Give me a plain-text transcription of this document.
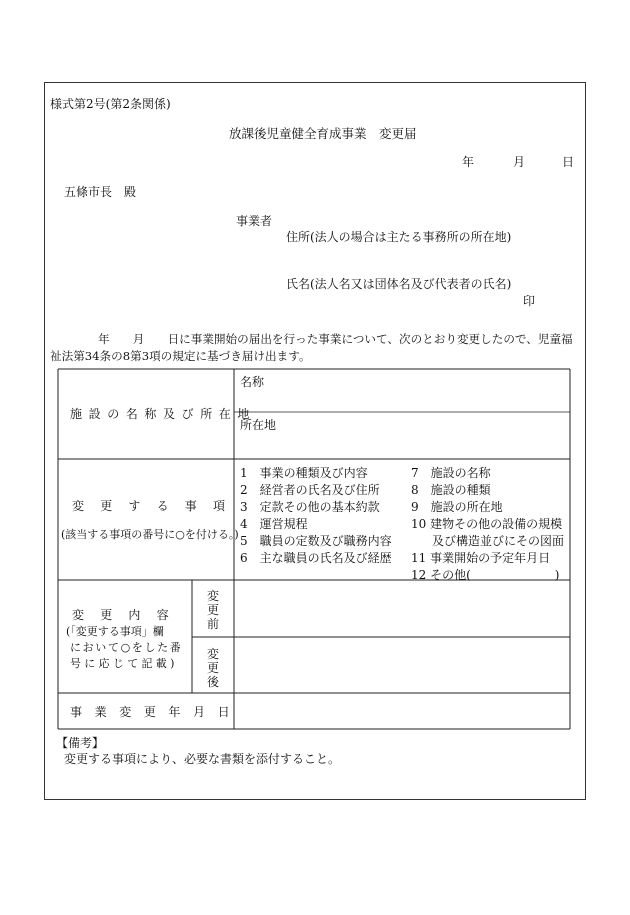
様式第2号(第2条関係)
放課後児童健全育成事業　変更届
年	月	日
五條市長　殿
事業者
住所(法人の場合は主たる事務所の所在地)
氏名(法人名又は団体名及び代表者の氏名)
印
年　　月　　日に事業開始の届出を行った事業について、次のとおり変更したので、児童福
祉法第34条の8第3項の規定に基づき届け出ます。
施設の名称及び所在地
名称
所在地
変更する事項
(該当する事項の番号に○を付ける。)
1　事業の種類及び内容
2　経営者の氏名及び住所
3　定款その他の基本約款
4　運営規程
5　職員の定数及び職務内容
6　主な職員の氏名及び経歴
7　施設の名称
8　施設の種類
9　施設の所在地
10 建物その他の設備の規模
及び構造並びにその図面
11 事業開始の予定年月日
12 その他(　　　　　　　)
変更内容
(「変更する事項」欄
において○をした番
号に応じて記載)
変
更
前
変
更
後
事業変更年月日
【備考】
変更する事項により、必要な書類を添付すること。
